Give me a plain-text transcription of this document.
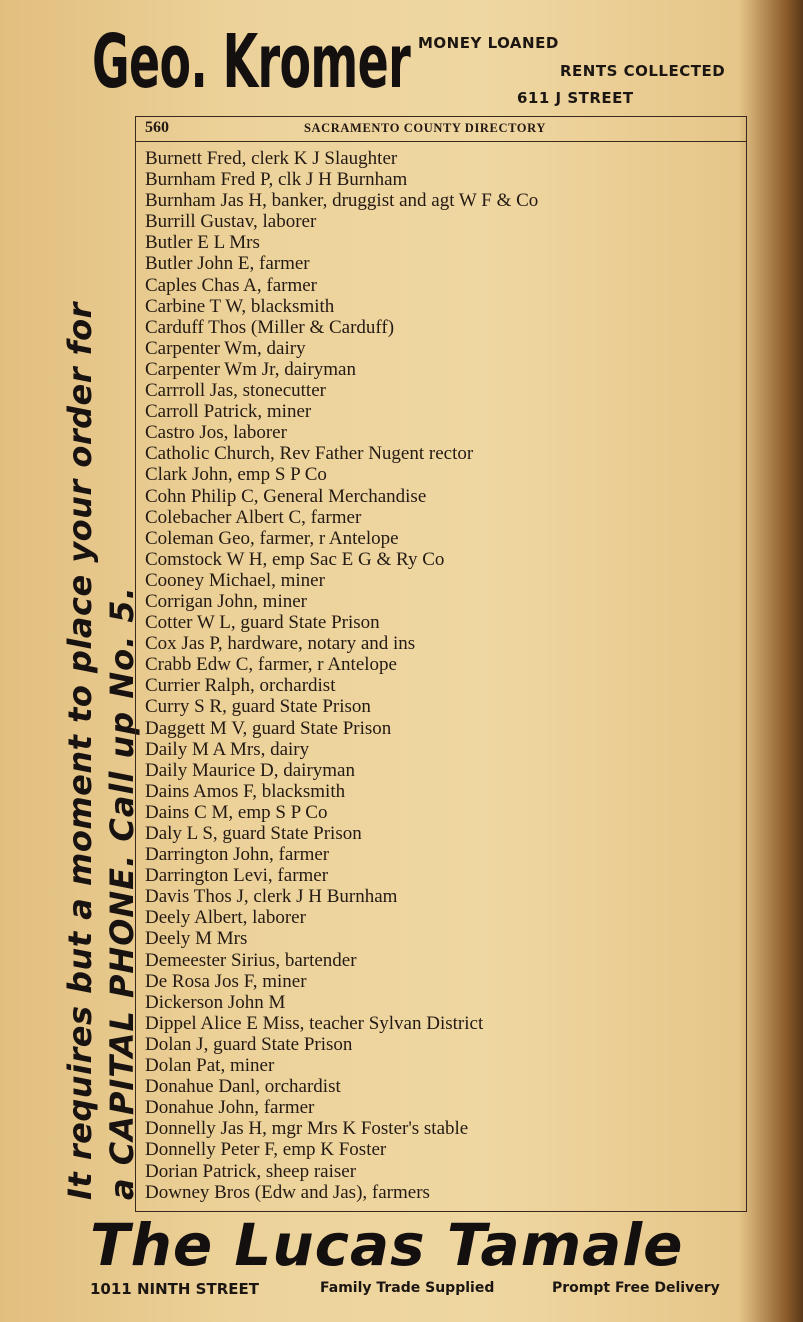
Geo. Kromer MONEY LOANED
RENTS COLLECTED
611 J STREET
It requires but a moment to place your order for a CAPITAL PHONE. Call up No. 5.
560	SACRAMENTO COUNTY DIRECTORY
Burnett Fred, clerk K J Slaughter
Burnham Fred P, clk J H Burnham
Burnham Jas H, banker, druggist and agt W F & Co
Burrill Gustav, laborer
Butler E L Mrs
Butler John E, farmer
Caples Chas A, farmer
Carbine T W, blacksmith
Carduff Thos (Miller & Carduff)
Carpenter Wm, dairy
Carpenter Wm Jr, dairyman
Carrroll Jas, stonecutter
Carroll Patrick, miner
Castro Jos, laborer
Catholic Church, Rev Father Nugent rector
Clark John, emp S P Co
Cohn Philip C, General Merchandise
Colebacher Albert C, farmer
Coleman Geo, farmer, r Antelope
Comstock W H, emp Sac E G & Ry Co
Cooney Michael, miner
Corrigan John, miner
Cotter W L, guard State Prison
Cox Jas P, hardware, notary and ins
Crabb Edw C, farmer, r Antelope
Currier Ralph, orchardist
Curry S R, guard State Prison
Daggett M V, guard State Prison
Daily M A Mrs, dairy
Daily Maurice D, dairyman
Dains Amos F, blacksmith
Dains C M, emp S P Co
Daly L S, guard State Prison
Darrington John, farmer
Darrington Levi, farmer
Davis Thos J, clerk J H Burnham
Deely Albert, laborer
Deely M Mrs
Demeester Sirius, bartender
De Rosa Jos F, miner
Dickerson John M
Dippel Alice E Miss, teacher Sylvan District
Dolan J, guard State Prison
Dolan Pat, miner
Donahue Danl, orchardist
Donahue John, farmer
Donnelly Jas H, mgr Mrs K Foster's stable
Donnelly Peter F, emp K Foster
Dorian Patrick, sheep raiser
Downey Bros (Edw and Jas), farmers
The Lucas Tamale
1011 NINTH STREET	Family Trade Supplied	Prompt Free Delivery
